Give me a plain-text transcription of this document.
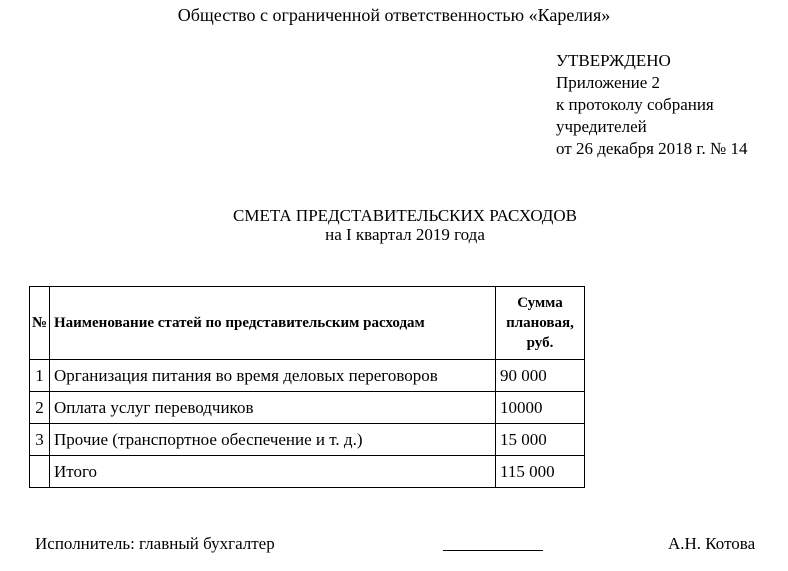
Общество с ограниченной ответственностью «Карелия»
УТВЕРЖДЕНО
Приложение 2
к протоколу собрания
учредителей
от 26 декабря 2018 г. № 14
СМЕТА ПРЕДСТАВИТЕЛЬСКИХ РАСХОДОВ
на I квартал 2019 года
№	Наименование статей по представительским расходам	Сумма
плановая,
руб.

1	Организация питания во время деловых переговоров	90 000
2	Оплата услуг переводчиков	10000
3	Прочие (транспортное обеспечение и т. д.)	15 000
	Итого	115 000
Исполнитель: главный бухгалтер	А.Н. Котова
